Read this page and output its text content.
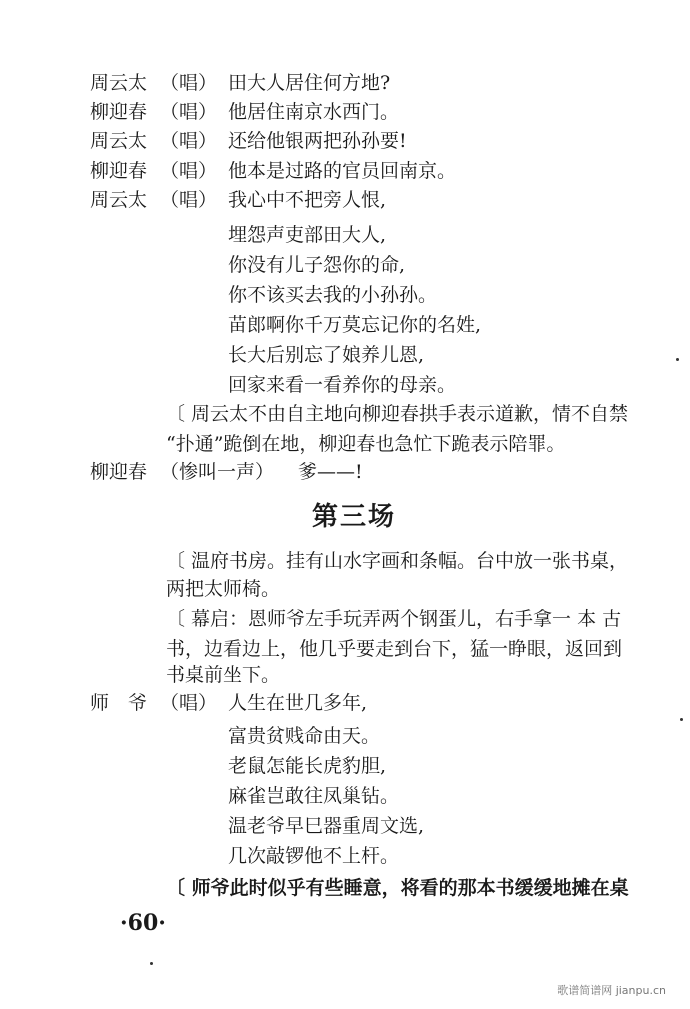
周云太 （唱） 田大人居住何方地?
柳迎春 （唱） 他居住南京水西门。
周云太 （唱） 还给他银两把孙孙要!
柳迎春 （唱） 他本是过路的官员回南京。
周云太 （唱） 我心中不把旁人恨,
埋怨声吏部田大人,
你没有儿子怨你的命,
你不该买去我的小孙孙。
苗郎啊你千万莫忘记你的名姓,
长大后别忘了娘养儿恩,
回家来看一看养你的母亲。
〔 周云太不由自主地向柳迎春拱手表示道歉，情不自禁
“扑通”跪倒在地，柳迎春也急忙下跪表示陪罪。
柳迎春 （惨叫一声） 爹——!
第三场
〔 温府书房。挂有山水字画和条幅。台中放一张书桌，
两把太师椅。
〔 幕启：恩师爷左手玩弄两个钢蛋儿，右手拿一 本 古
书，边看边上，他几乎要走到台下，猛一睁眼，返回到
书桌前坐下。
师　爷 （唱） 人生在世几多年,
富贵贫贱命由天。
老鼠怎能长虎豹胆,
麻雀岂敢往凤巢钻。
温老爷早巳器重周文选,
几次敲锣他不上杆。
〔 师爷此时似乎有些睡意，将看的那本书缓缓地摊在桌
·60·
歌谱简谱网 jianpu.cn
